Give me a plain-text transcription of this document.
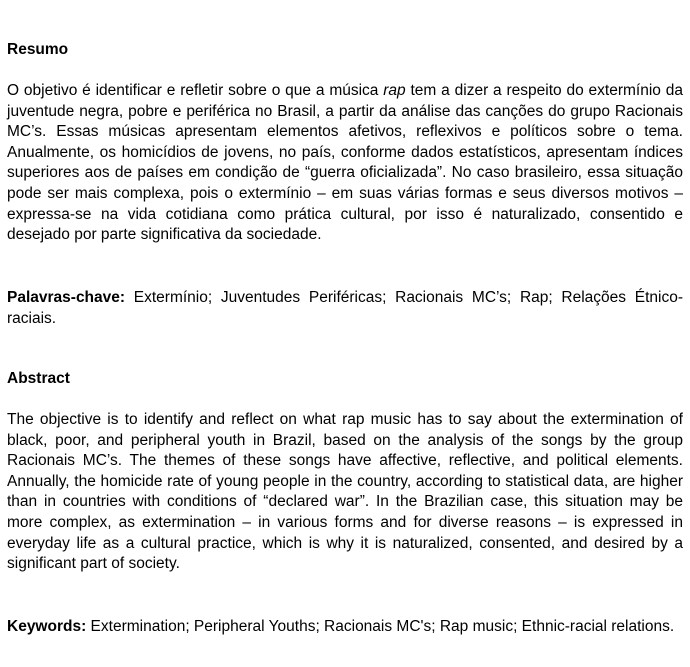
Resumo

O objetivo é identificar e refletir sobre o que a música rap tem a dizer a respeito do extermínio da juventude negra, pobre e periférica no Brasil, a partir da análise das canções do grupo Racionais MC’s. Essas músicas apresentam elementos afetivos, reflexivos e políticos sobre o tema. Anualmente, os homicídios de jovens, no país, conforme dados estatísticos, apresentam índices superiores aos de países em condição de “guerra oficializada”. No caso brasileiro, essa situação pode ser mais complexa, pois o extermínio – em suas várias formas e seus diversos motivos – expressa-se na vida cotidiana como prática cultural, por isso é naturalizado, consentido e desejado por parte significativa da sociedade.

Palavras-chave: Extermínio; Juventudes Periféricas; Racionais MC’s; Rap; Relações Étnico-raciais.

Abstract

The objective is to identify and reflect on what rap music has to say about the extermination of black, poor, and peripheral youth in Brazil, based on the analysis of the songs by the group Racionais MC’s. The themes of these songs have affective, reflective, and political elements. Annually, the homicide rate of young people in the country, according to statistical data, are higher than in countries with conditions of “declared war”. In the Brazilian case, this situation may be more complex, as extermination – in various forms and for diverse reasons – is expressed in everyday life as a cultural practice, which is why it is naturalized, consented, and desired by a significant part of society.

Keywords: Extermination; Peripheral Youths; Racionais MC's; Rap music; Ethnic-racial relations.
